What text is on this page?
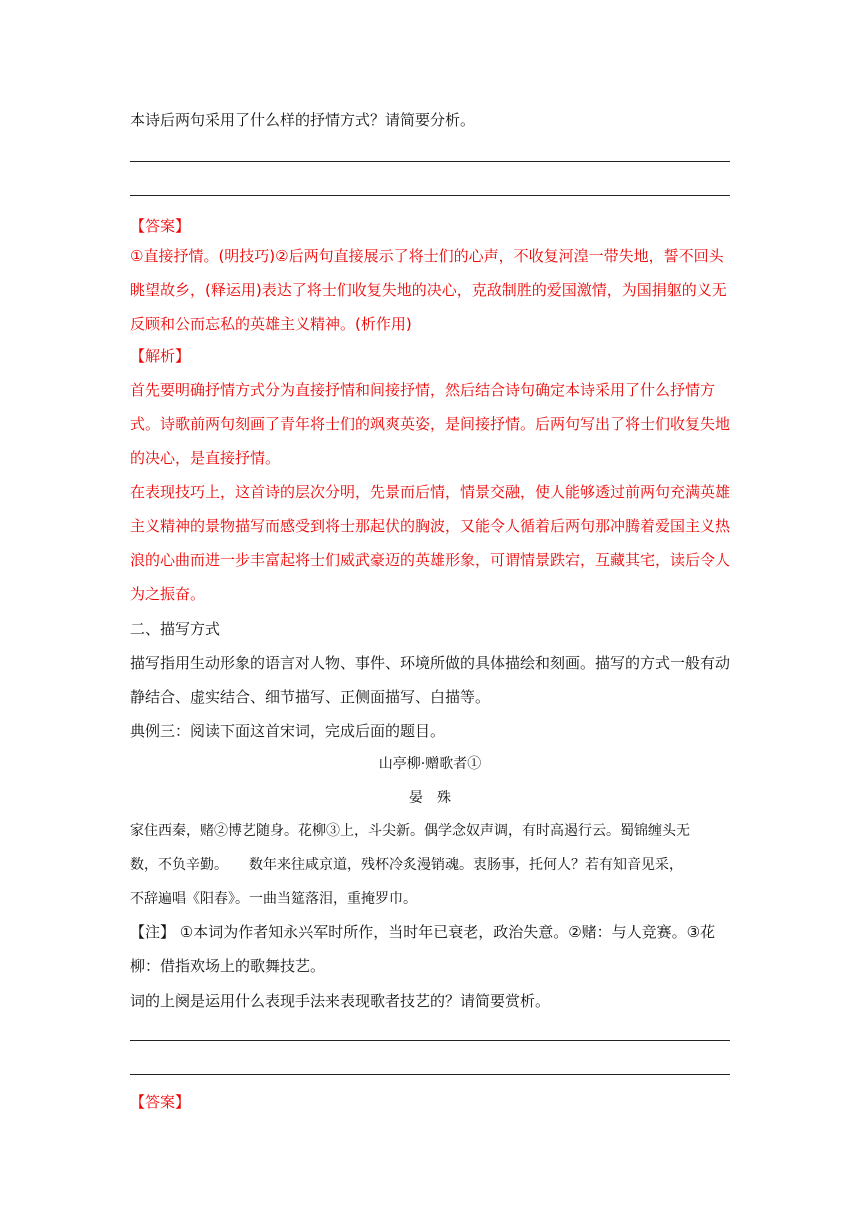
本诗后两句采用了什么样的抒情方式？请简要分析。
【答案】
①直接抒情。(明技巧)②后两句直接展示了将士们的心声，不收复河湟一带失地，誓不回头
眺望故乡，(释运用)表达了将士们收复失地的决心，克敌制胜的爱国激情，为国捐躯的义无
反顾和公而忘私的英雄主义精神。(析作用)
【解析】
首先要明确抒情方式分为直接抒情和间接抒情，然后结合诗句确定本诗采用了什么抒情方
式。诗歌前两句刻画了青年将士们的飒爽英姿，是间接抒情。后两句写出了将士们收复失地
的决心，是直接抒情。
在表现技巧上，这首诗的层次分明，先景而后情，情景交融，使人能够透过前两句充满英雄
主义精神的景物描写而感受到将士那起伏的胸波，又能令人循着后两句那冲腾着爱国主义热
浪的心曲而进一步丰富起将士们威武豪迈的英雄形象，可谓情景跌宕，互藏其宅，读后令人
为之振奋。
二、描写方式
描写指用生动形象的语言对人物、事件、环境所做的具体描绘和刻画。描写的方式一般有动
静结合、虚实结合、细节描写、正侧面描写、白描等。
典例三：阅读下面这首宋词，完成后面的题目。
山亭柳·赠歌者①
晏　殊
家住西秦，赌②博艺随身。花柳③上，斗尖新。偶学念奴声调，有时高遏行云。蜀锦缠头无
数，不负辛勤。　　数年来往咸京道，残杯冷炙漫销魂。衷肠事，托何人？若有知音见采，
不辞遍唱《阳春》。一曲当筵落泪，重掩罗巾。
【注】 ①本词为作者知永兴军时所作，当时年已衰老，政治失意。②赌：与人竞赛。③花
柳：借指欢场上的歌舞技艺。
词的上阕是运用什么表现手法来表现歌者技艺的？请简要赏析。
【答案】
